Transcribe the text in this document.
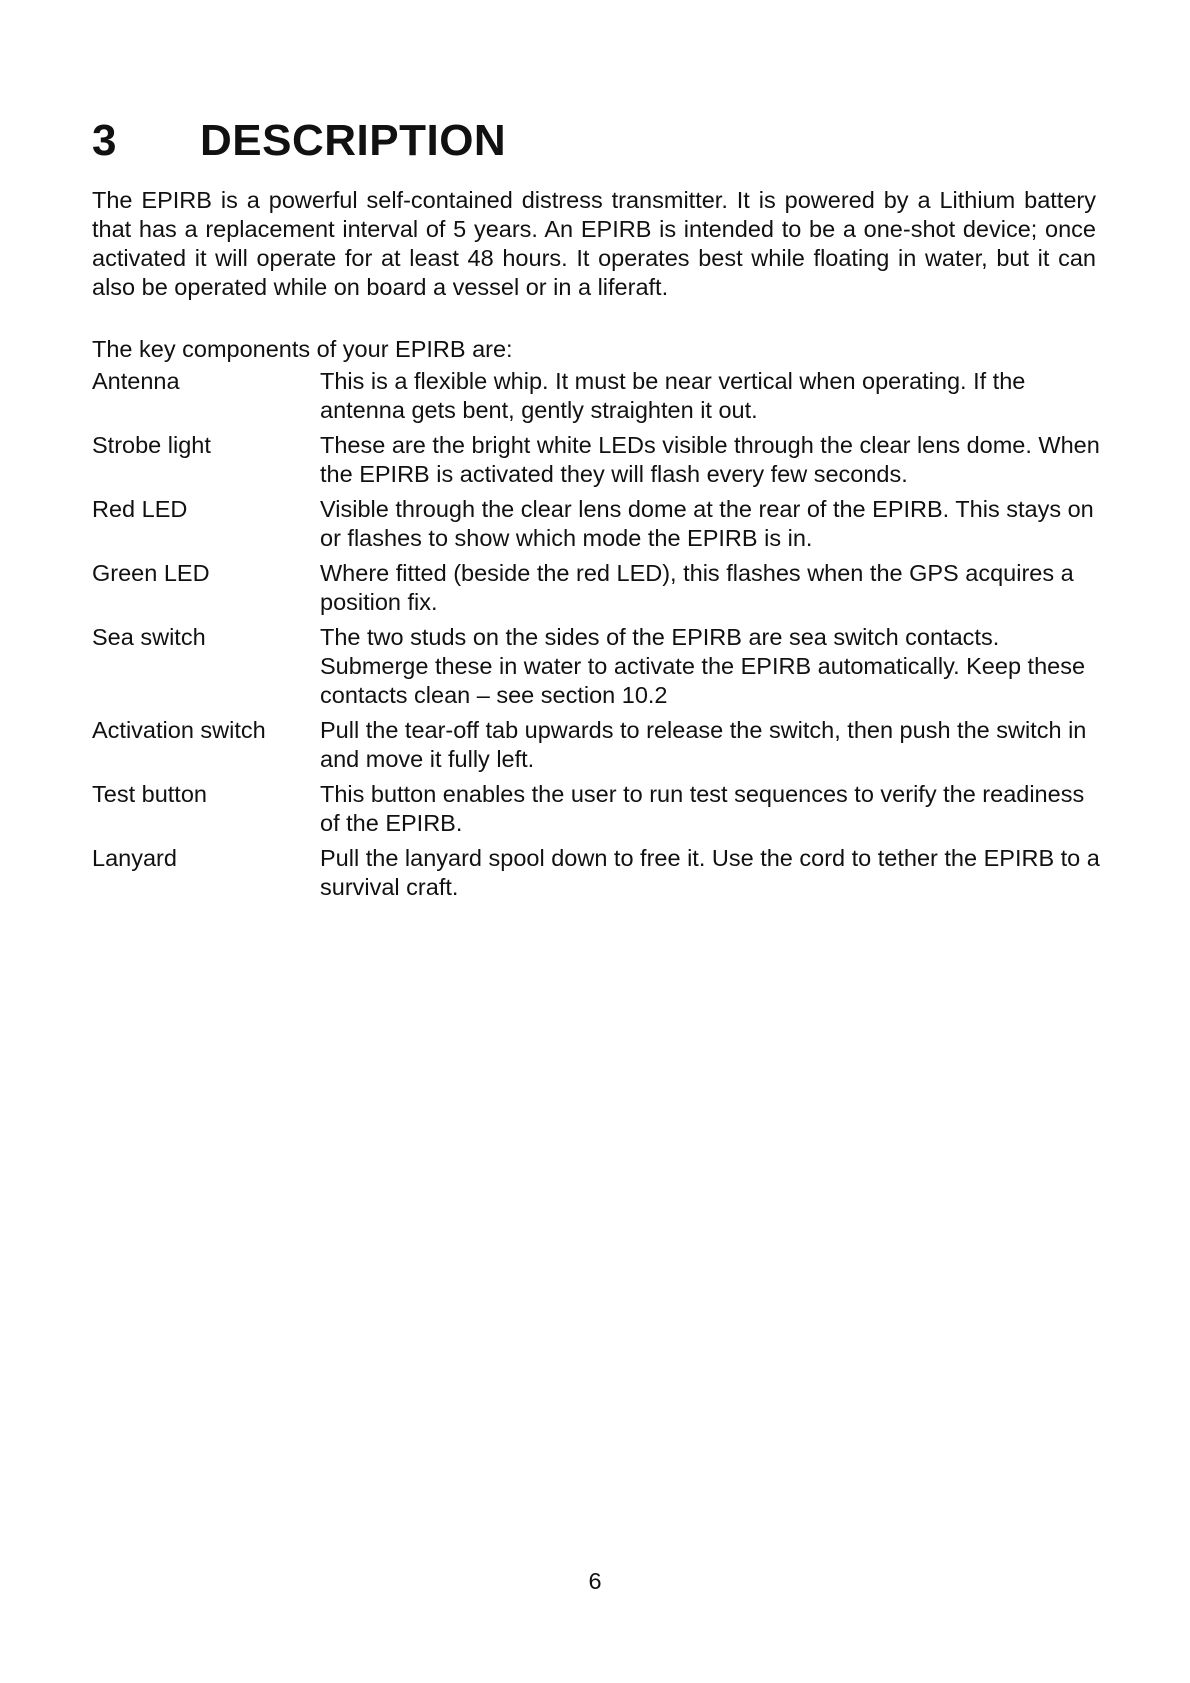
3	DESCRIPTION

The EPIRB is a powerful self-contained distress transmitter. It is powered by a Lithium battery that has a replacement interval of 5 years. An EPIRB is intended to be a one-shot device; once activated it will operate for at least 48 hours. It operates best while floating in water, but it can also be operated while on board a vessel or in a liferaft.

The key components of your EPIRB are:

Antenna	This is a flexible whip. It must be near vertical when operating. If the antenna gets bent, gently straighten it out.
Strobe light	These are the bright white LEDs visible through the clear lens dome. When the EPIRB is activated they will flash every few seconds.
Red LED	Visible through the clear lens dome at the rear of the EPIRB. This stays on or flashes to show which mode the EPIRB is in.
Green LED	Where fitted (beside the red LED), this flashes when the GPS acquires a position fix.
Sea switch	The two studs on the sides of the EPIRB are sea switch contacts. Submerge these in water to activate the EPIRB automatically. Keep these contacts clean – see section 10.2
Activation switch	Pull the tear-off tab upwards to release the switch, then push the switch in and move it fully left.
Test button	This button enables the user to run test sequences to verify the readiness of the EPIRB.
Lanyard	Pull the lanyard spool down to free it. Use the cord to tether the EPIRB to a survival craft.
6
